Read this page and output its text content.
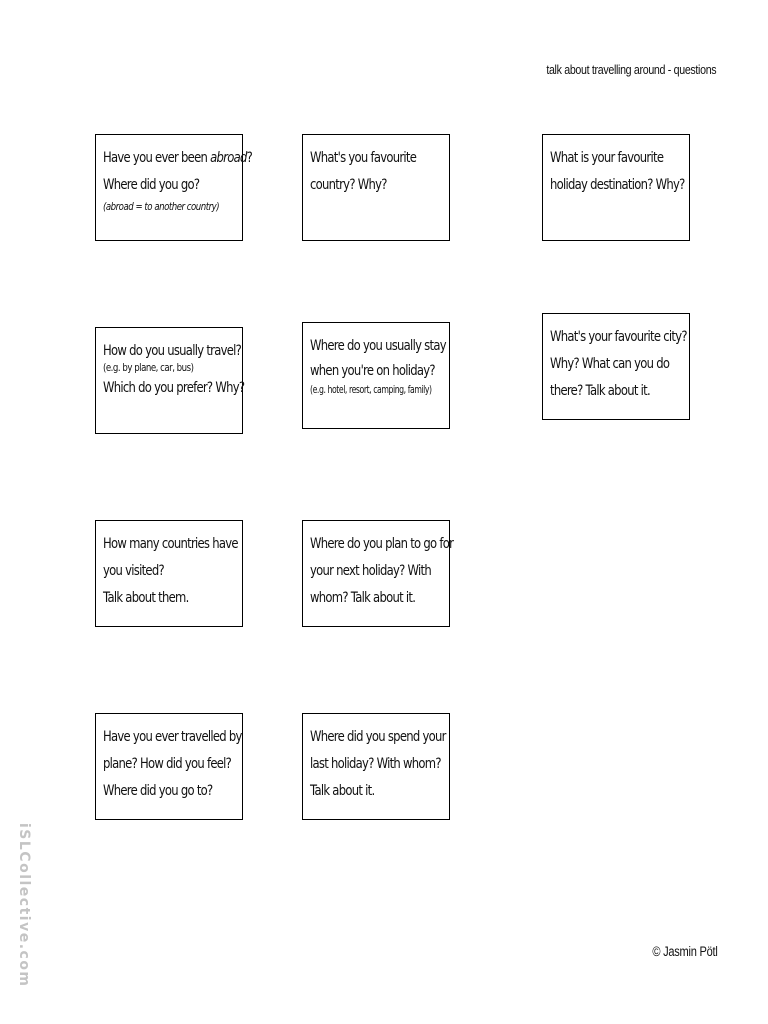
talk about travelling around - questions
Have you ever been abroad?
Where did you go?
(abroad = to another country)
What's you favourite
country? Why?
What is your favourite
holiday destination? Why?
How do you usually travel?
(e.g. by plane, car, bus)
Which do you prefer? Why?
Where do you usually stay
when you're on holiday?
(e.g. hotel, resort, camping, family)
What's your favourite city?
Why? What can you do
there? Talk about it.
How many countries have
you visited?
Talk about them.
Where do you plan to go for
your next holiday? With
whom? Talk about it.
Have you ever travelled by
plane? How did you feel?
Where did you go to?
Where did you spend your
last holiday? With whom?
Talk about it.
iSLCollective.com	© Jasmin Pötl
